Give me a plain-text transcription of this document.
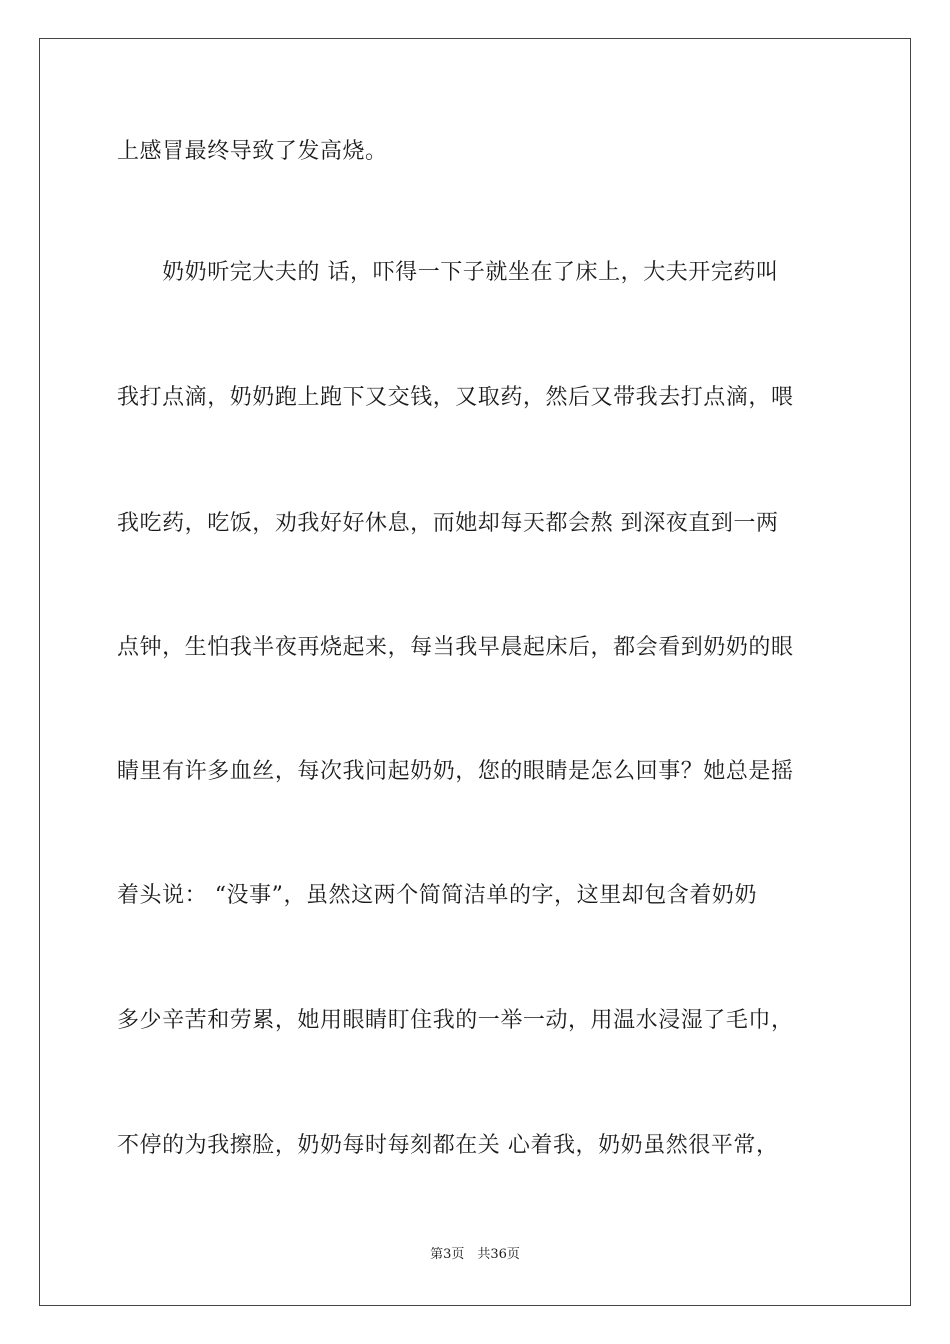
上感冒最终导致了发高烧。
　　奶奶听完大夫的 话，吓得一下子就坐在了床上，大夫开完药叫
我打点滴，奶奶跑上跑下又交钱，又取药，然后又带我去打点滴，喂
我吃药，吃饭，劝我好好休息，而她却每天都会熬 到深夜直到一两
点钟，生怕我半夜再烧起来，每当我早晨起床后，都会看到奶奶的眼
睛里有许多血丝，每次我问起奶奶，您的眼睛是怎么回事？她总是摇
着头说： “没事”，虽然这两个简简洁单的字，这里却包含着奶奶
多少辛苦和劳累，她用眼睛盯住我的一举一动，用温水浸湿了毛巾，
不停的为我擦脸，奶奶每时每刻都在关 心着我，奶奶虽然很平常，
第3页　共36页
